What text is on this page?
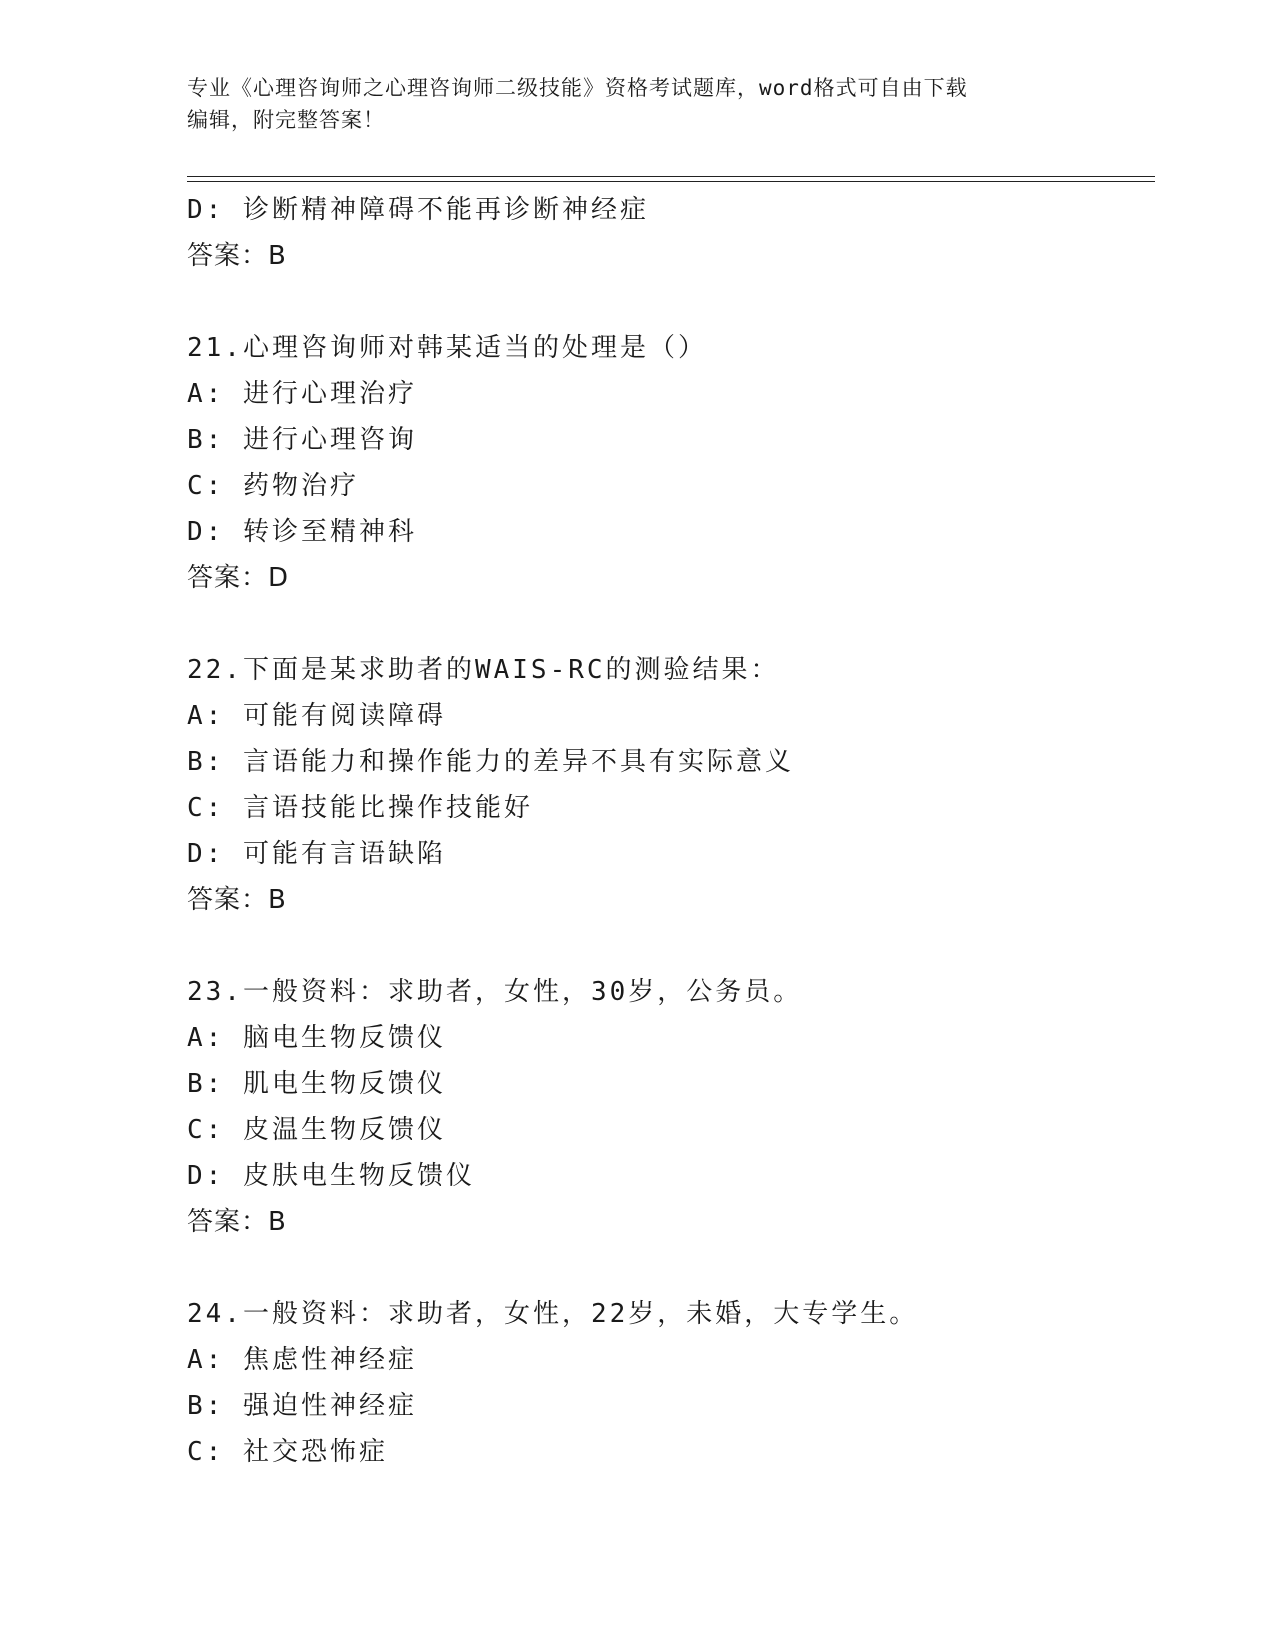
专业《心理咨询师之心理咨询师二级技能》资格考试题库，word格式可自由下载
编辑，附完整答案！
D: 诊断精神障碍不能再诊断神经症
答案：B
21.心理咨询师对韩某适当的处理是（）
A: 进行心理治疗
B: 进行心理咨询
C: 药物治疗
D: 转诊至精神科
答案：D
22.下面是某求助者的WAIS-RC的测验结果：
A: 可能有阅读障碍
B: 言语能力和操作能力的差异不具有实际意义
C: 言语技能比操作技能好
D: 可能有言语缺陷
答案：B
23.一般资料：求助者，女性，30岁，公务员。
A: 脑电生物反馈仪
B: 肌电生物反馈仪
C: 皮温生物反馈仪
D: 皮肤电生物反馈仪
答案：B
24.一般资料：求助者，女性，22岁，未婚，大专学生。
A: 焦虑性神经症
B: 强迫性神经症
C: 社交恐怖症
